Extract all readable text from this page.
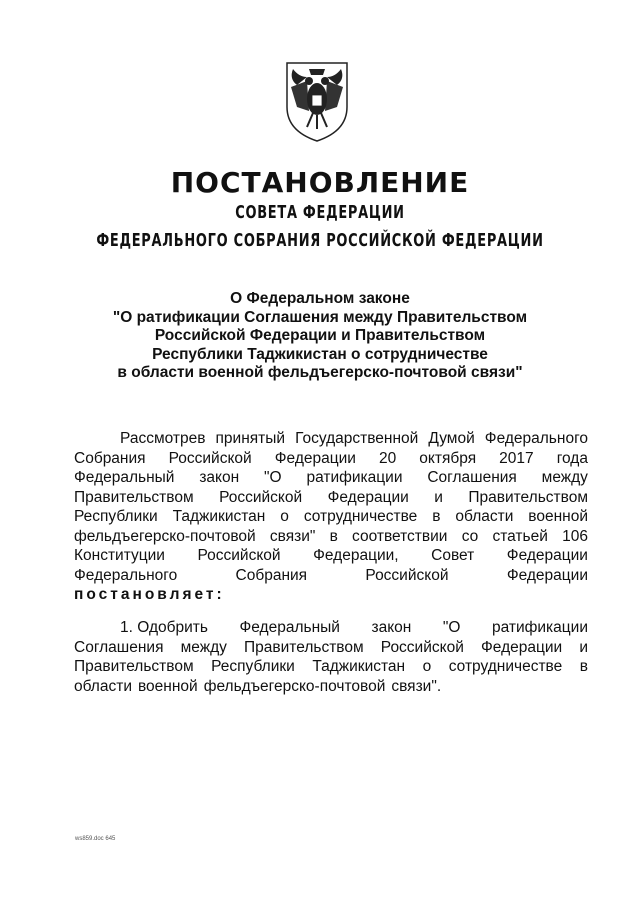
ПОСТАНОВЛЕНИЕ
СОВЕТА ФЕДЕРАЦИИ
ФЕДЕРАЛЬНОГО СОБРАНИЯ РОССИЙСКОЙ ФЕДЕРАЦИИ
О Федеральном законе
"О ратификации Соглашения между Правительством
Российской Федерации и Правительством
Республики Таджикистан о сотрудничестве
в области военной фельдъегерско-почтовой связи"
Рассмотрев принятый Государственной Думой Федерального
Собрания Российской Федерации 20 октября 2017 года
Федеральный закон "О ратификации Соглашения между
Правительством Российской Федерации и Правительством
Республики Таджикистан о сотрудничестве в области военной
фельдъегерско-почтовой связи" в соответствии со статьей 106
Конституции Российской Федерации, Совет Федерации
Федерального	Собрания	Российской	Федерации
постановляет:
1. Одобрить Федеральный закон "О ратификации
Соглашения между Правительством Российской Федерации и
Правительством Республики Таджикистан о сотрудничестве в
области военной фельдъегерско-почтовой связи".
ws859.doc 645
